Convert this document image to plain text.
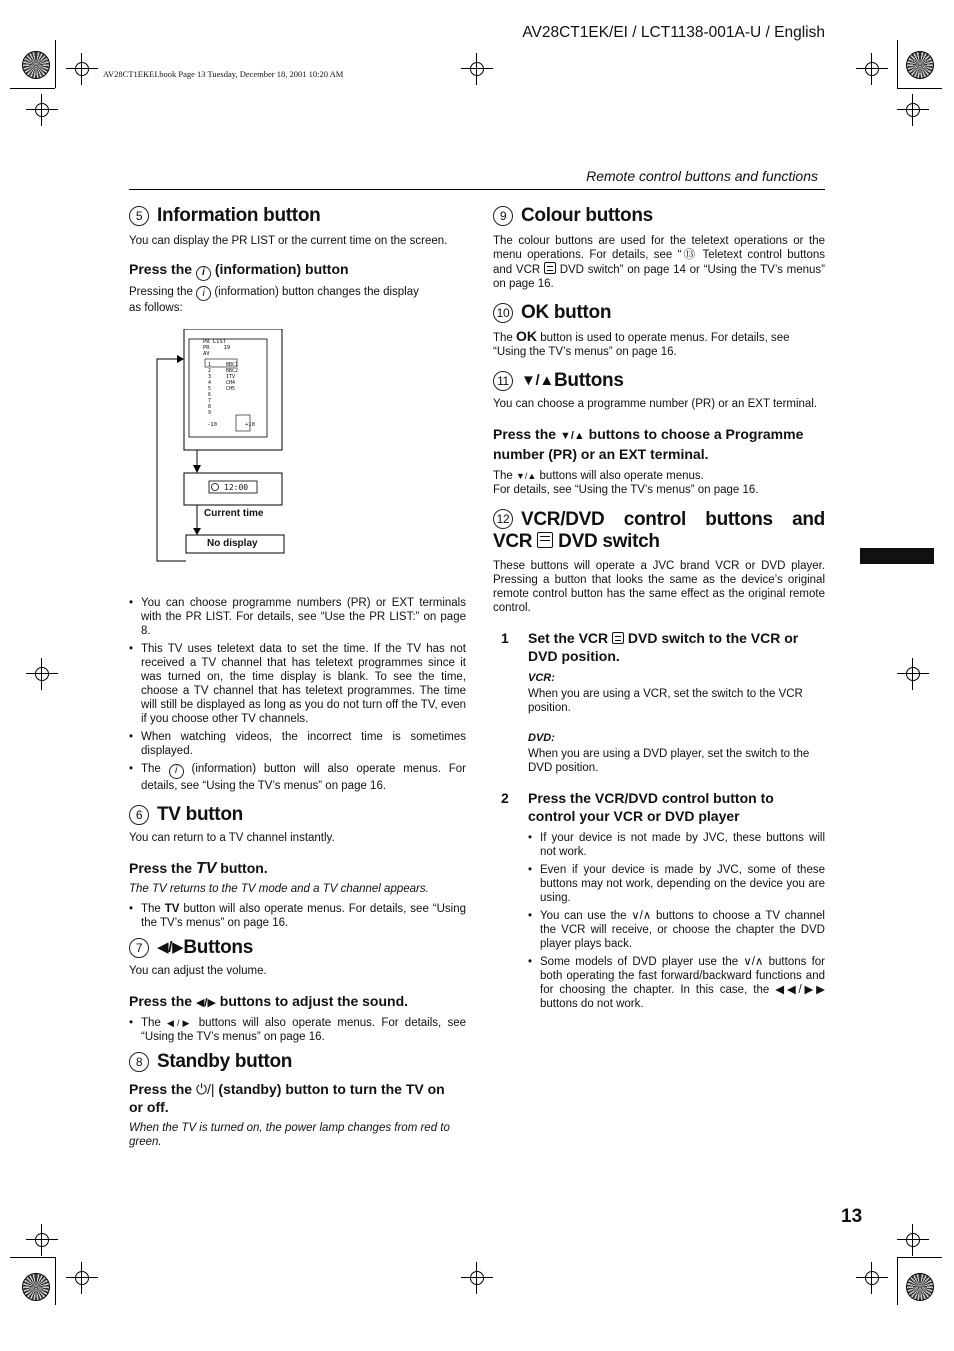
AV28CT1EK/EI / LCT1138-001A-U / English
AV28CT1EKEI.book Page 13 Tuesday, December 18, 2001 10:20 AM
Remote control buttons and functions
13
5 Information button

You can display the PR LIST or the current time on the screen.

Press the i (information) button

Pressing the i (information) button changes the display as follows:

PR LIST
PR	19
AV
1
2
3
4
5
6
7
8
9
BBC1
BBC2
ITV
CH4
CH5
-10	+10
12:00
Current time
No display
• You can choose programme numbers (PR) or EXT terminals with the PR LIST. For details, see “Use the PR LIST:” on page 8.
• This TV uses teletext data to set the time. If the TV has not received a TV channel that has teletext programmes since it was turned on, the time display is blank. To see the time, choose a TV channel that has teletext programmes. The time will still be displayed as long as you do not turn off the TV, even if you choose other TV channels.
• When watching videos, the incorrect time is sometimes displayed.
• The i (information) button will also operate menus. For details, see “Using the TV’s menus” on page 16.
6 TV button

You can return to a TV channel instantly.

Press the TV button.

The TV returns to the TV mode and a TV channel appears.

• The TV button will also operate menus. For details, see “Using the TV’s menus” on page 16.
7 ◀/▶ Buttons

You can adjust the volume.

Press the ◀/▶ buttons to adjust the sound.

• The ◀/▶ buttons will also operate menus. For details, see “Using the TV’s menus” on page 16.
8 Standby button

Press the ⏻/| (standby) button to turn the TV on or off.

When the TV is turned on, the power lamp changes from red to green.

9 Colour buttons

The colour buttons are used for the teletext operations or the menu operations. For details, see “⑬ Teletext control buttons and VCR  DVD switch” on page 14 or “Using the TV’s menus” on page 16.

10 OK button

The OK button is used to operate menus. For details, see “Using the TV’s menus” on page 16.

11 ▼/▲ Buttons

You can choose a programme number (PR) or an EXT terminal.

Press the ▼/▲ buttons to choose a Programme number (PR) or an EXT terminal.

The ▼/▲ buttons will also operate menus.

For details, see “Using the TV’s menus” on page 16.

12 VCR/DVD control buttons and VCR  DVD switch

These buttons will operate a JVC brand VCR or DVD player. Pressing a button that looks the same as the device’s original remote control button has the same effect as the original remote control.

1	Set the VCR  DVD switch to the VCR or DVD position.

VCR:

When you are using a VCR, set the switch to the VCR position.

DVD:

When you are using a DVD player, set the switch to the DVD position.

2	Press the VCR/DVD control button to control your VCR or DVD player

• If your device is not made by JVC, these buttons will not work.
• Even if your device is made by JVC, some of these buttons may not work, depending on the device you are using.
• You can use the ∨/∧ buttons to choose a TV channel the VCR will receive, or choose the chapter the DVD player plays back.
• Some models of DVD player use the ∨/∧ buttons for both operating the fast forward/backward functions and for choosing the chapter. In this case, the ◀◀/▶▶ buttons do not work.
